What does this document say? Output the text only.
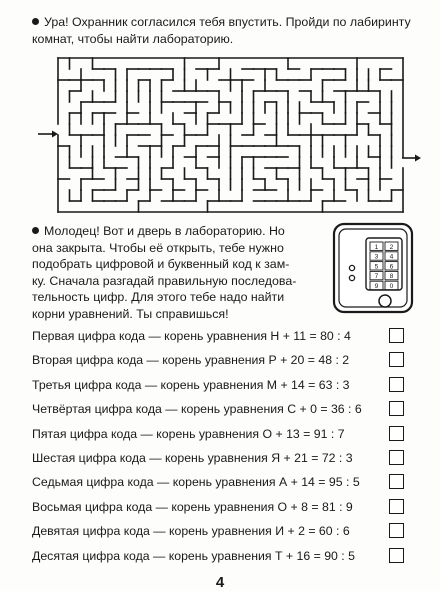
Ура! Охранник согласился тебя впустить. Пройди по лабиринту
комнат, чтобы найти лабораторию.

Молодец! Вот и дверь в лабораторию. Но
она закрыта. Чтобы её открыть, тебе нужно
подобрать цифровой и буквенный код к зам-
ку. Сначала разгадай правильную последова-
тельность цифр. Для этого тебе надо найти
корни уравнений. Ты справишься!

1 2
3 4
5 6
7 8
9 0
Первая цифра кода — корень уравнения Н + 11 = 80 : 4
Вторая цифра кода — корень уравнения Р + 20 = 48 : 2
Третья цифра кода — корень уравнения М + 14 = 63 : 3
Четвёртая цифра кода — корень уравнения С + 0 = 36 : 6
Пятая цифра кода — корень уравнения О + 13 = 91 : 7
Шестая цифра кода — корень уравнения Я + 21 = 72 : 3
Седьмая цифра кода — корень уравнения А + 14 = 95 : 5
Восьмая цифра кода — корень уравнения О + 8 = 81 : 9
Девятая цифра кода — корень уравнения И + 2 = 60 : 6
Десятая цифра кода — корень уравнения Т + 16 = 90 : 5
4
